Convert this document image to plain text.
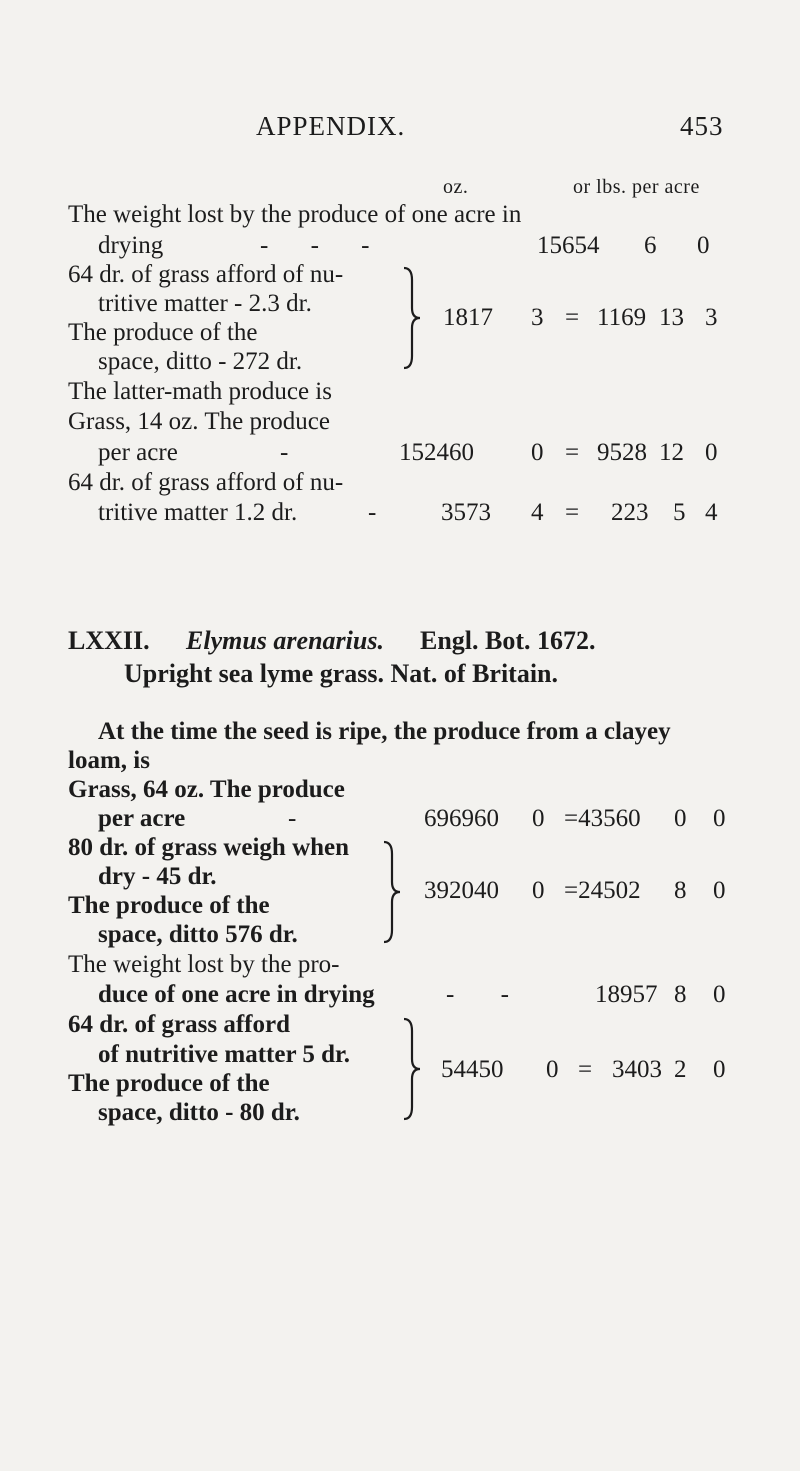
APPENDIX.	453
oz.	or lbs. per acre
The weight lost by the produce of one acre in
drying	- - -	15654 6 0
64 dr. of grass afford of nu-
tritive matter - 2.3 dr.
The produce of the
space, ditto - 272 dr.
1817 3 = 1169 13 3
The latter-math produce is
Grass, 14 oz. The produce
per acre	-	152460 0 = 9528 12 0
64 dr. of grass afford of nu-
tritive matter 1.2 dr.	-	3573 4 = 223 5 4
LXXII. Elymus arenarius. Engl. Bot. 1672.
Upright sea lyme grass. Nat. of Britain.
At the time the seed is ripe, the produce from a clayey
loam, is
Grass, 64 oz. The produce
per acre	-	696960 0 =43560 0 0
80 dr. of grass weigh when
dry - 45 dr.
The produce of the
space, ditto 576 dr.
392040 0 =24502 8 0
The weight lost by the pro-
duce of one acre in drying	- -	18957 8 0
64 dr. of grass afford
of nutritive matter 5 dr.
The produce of the
space, ditto - 80 dr.
54450 0 = 3403 2 0
